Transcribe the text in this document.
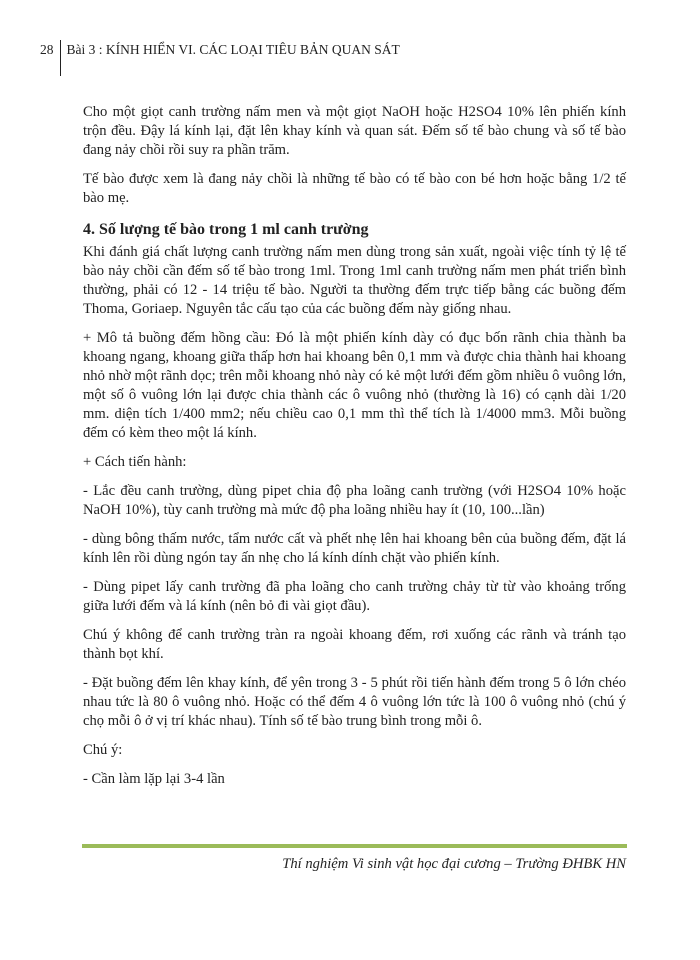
28 Bài 3 : KÍNH HIỂN VI. CÁC LOẠI TIÊU BẢN QUAN SÁT

Cho một giọt canh trường nấm men và một giọt NaOH hoặc H2SO4 10% lên phiến kính trộn đều. Đậy lá kính lại, đặt lên khay kính và quan sát. Đếm số tế bào chung và số tế bào đang nảy chồi rồi suy ra phần trăm.

Tế bào được xem là đang nảy chồi là những tế bào có tế bào con bé hơn hoặc bằng 1/2 tế bào mẹ.

4. Số lượng tế bào trong 1 ml canh trường

Khi đánh giá chất lượng canh trường nấm men dùng trong sản xuất, ngoài việc tính tỷ lệ tế bào nảy chồi cần đếm số tế bào trong 1ml. Trong 1ml canh trường nấm men phát triển bình thường, phải có 12 - 14 triệu tế bào. Người ta thường đếm trực tiếp bằng các buồng đếm Thoma, Goriaep. Nguyên tắc cấu tạo của các buồng đếm này giống nhau.

+ Mô tả buồng đếm hồng cầu: Đó là một phiến kính dày có đục bốn rãnh chia thành ba khoang ngang, khoang giữa thấp hơn hai khoang bên 0,1 mm và được chia thành hai khoang nhỏ nhờ một rãnh dọc; trên mỗi khoang nhỏ này có kẻ một lưới đếm gồm nhiều ô vuông lớn, một số ô vuông lớn lại được chia thành các ô vuông nhỏ (thường là 16) có cạnh dài 1/20 mm. diện tích 1/400 mm2; nếu chiều cao 0,1 mm thì thể tích là 1/4000 mm3. Mỗi buồng đếm có kèm theo một lá kính.

+ Cách tiến hành:

- Lắc đều canh trường, dùng pipet chia độ pha loãng canh trường (với H2SO4 10% hoặc NaOH 10%), tùy canh trường mà mức độ pha loãng nhiều hay ít (10, 100...lần)

- dùng bông thấm nước, tẩm nước cất và phết nhẹ lên hai khoang bên của buồng đếm, đặt lá kính lên rồi dùng ngón tay ấn nhẹ cho lá kính dính chặt vào phiến kính.

- Dùng pipet lấy canh trường đã pha loãng cho canh trường chảy từ từ vào khoảng trống giữa lưới đếm và lá kính (nên bỏ đi vài giọt đầu).

Chú ý không để canh trường tràn ra ngoài khoang đếm, rơi xuống các rãnh và tránh tạo thành bọt khí.

- Đặt buồng đếm lên khay kính, để yên trong 3 - 5 phút rồi tiến hành đếm trong 5 ô lớn chéo nhau tức là 80 ô vuông nhỏ. Hoặc có thể đếm 4 ô vuông lớn tức là 100 ô vuông nhỏ (chú ý chọ mỗi ô ở vị trí khác nhau). Tính số tế bào trung bình trong mỗi ô.

Chú ý:

- Cần làm lặp lại 3-4 lần

Thí nghiệm Vi sinh vật học đại cương – Trường ĐHBK HN
